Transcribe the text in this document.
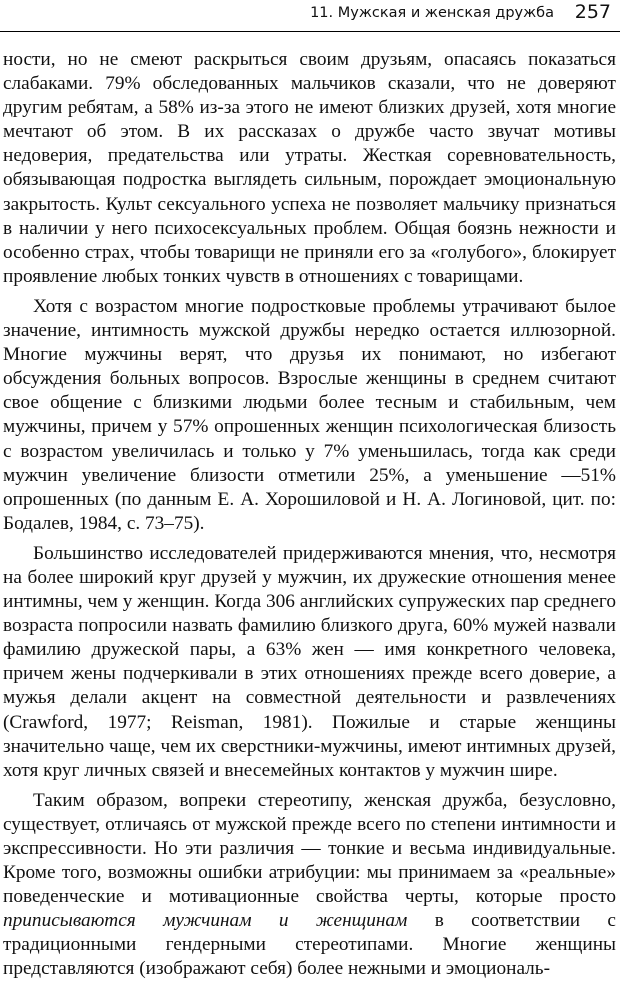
11. Мужская и женская дружба 257

ности, но не смеют раскрыться своим друзьям, опасаясь показаться слабаками. 79% обследованных мальчиков сказали, что не доверяют другим ребятам, а 58% из-за этого не имеют близких друзей, хотя многие мечтают об этом. В их рассказах о дружбе часто звучат мотивы недоверия, предательства или утраты. Жесткая соревновательность, обязывающая подростка выглядеть сильным, порождает эмоциональную закрытость. Культ сексуального успеха не позволяет мальчику признаться в наличии у него психосексуальных проблем. Общая боязнь нежности и особенно страх, чтобы товарищи не приняли его за «голубого», блокирует проявление любых тонких чувств в отношениях с товарищами.

Хотя с возрастом многие подростковые проблемы утрачивают былое значение, интимность мужской дружбы нередко остается иллюзорной. Многие мужчины верят, что друзья их понимают, но избегают обсуждения больных вопросов. Взрослые женщины в среднем считают свое общение с близкими людьми более тесным и стабильным, чем мужчины, причем у 57% опрошенных женщин психологическая близость с возрастом увеличилась и только у 7% уменьшилась, тогда как среди мужчин увеличение близости отметили 25%, а уменьшение —51% опрошенных (по данным Е. А. Хорошиловой и Н. А. Логиновой, цит. по: Бодалев, 1984, с. 73–75).

Большинство исследователей придерживаются мнения, что, несмотря на более широкий круг друзей у мужчин, их дружеские отношения менее интимны, чем у женщин. Когда 306 английских супружеских пар среднего возраста попросили назвать фамилию близкого друга, 60% мужей назвали фамилию дружеской пары, а 63% жен — имя конкретного человека, причем жены подчеркивали в этих отношениях прежде всего доверие, а мужья делали акцент на совместной деятельности и развлечениях (Crawford, 1977; Reisman, 1981). Пожилые и старые женщины значительно чаще, чем их сверстники-мужчины, имеют интимных друзей, хотя круг личных связей и внесемейных контактов у мужчин шире.

Таким образом, вопреки стереотипу, женская дружба, безусловно, существует, отличаясь от мужской прежде всего по степени интимности и экспрессивности. Но эти различия — тонкие и весьма индивидуальные. Кроме того, возможны ошибки атрибуции: мы принимаем за «реальные» поведенческие и мотивационные свойства черты, которые просто приписываются мужчинам и женщинам в соответствии с традиционными гендерными стереотипами. Многие женщины представляются (изображают себя) более нежными и эмоциональ-
